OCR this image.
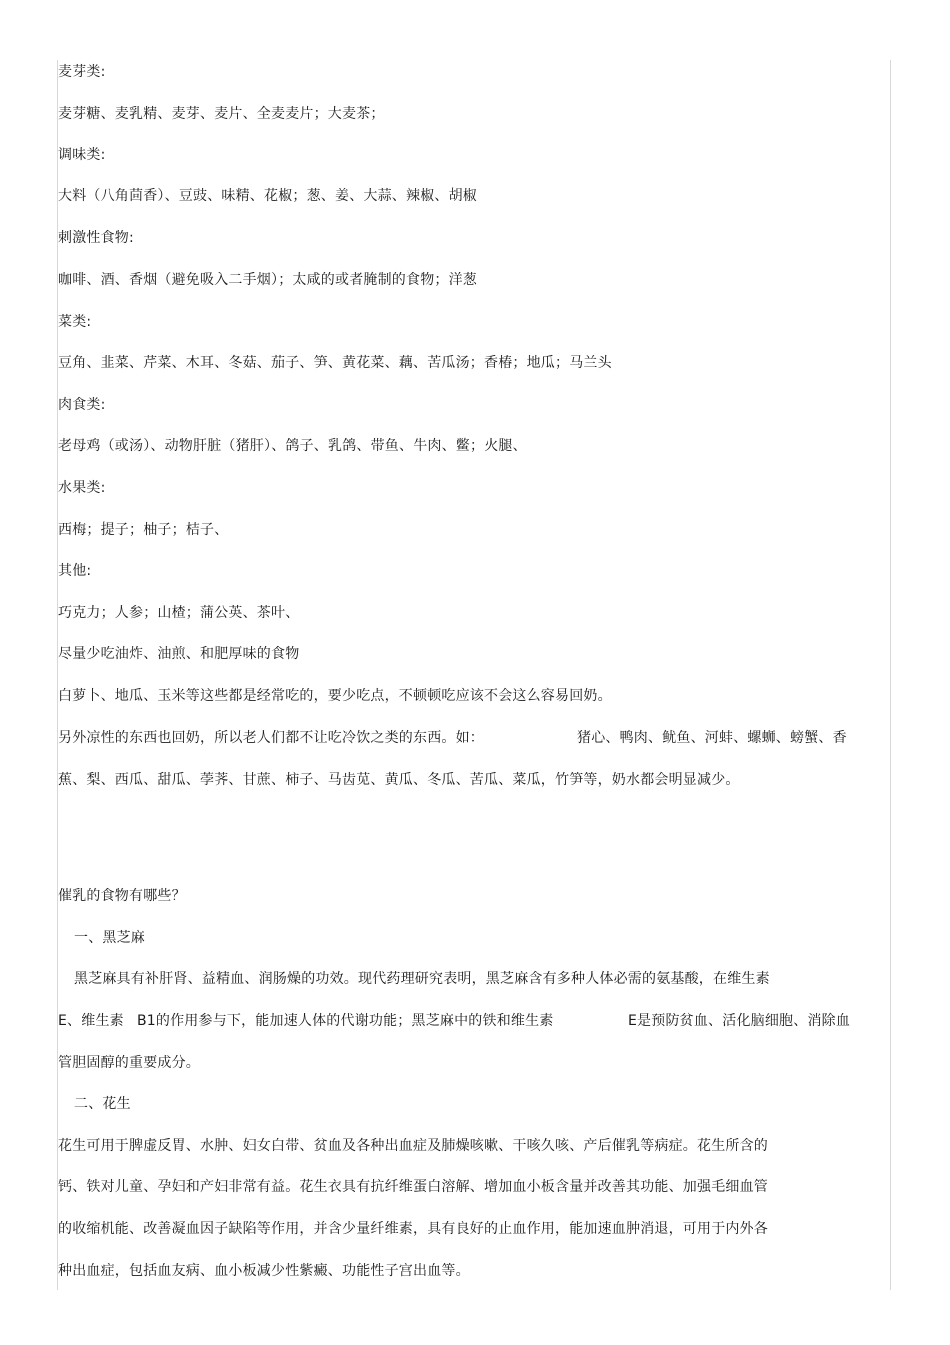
麦芽类:
麦芽糖、麦乳精、麦芽、麦片、全麦麦片；大麦茶；
调味类:
大料（八角茴香）、豆豉、味精、花椒；葱、姜、大蒜、辣椒、胡椒
刺激性食物:
咖啡、酒、香烟（避免吸入二手烟）；太咸的或者腌制的食物；洋葱
菜类:
豆角、韭菜、芹菜、木耳、冬菇、茄子、笋、黄花菜、藕、苦瓜汤；香椿；地瓜；马兰头
肉食类:
老母鸡（或汤）、动物肝脏（猪肝）、鸽子、乳鸽、带鱼、牛肉、鳖；火腿、
水果类:
西梅；提子；柚子；桔子、
其他:
巧克力；人参；山楂；蒲公英、茶叶、
尽量少吃油炸、油煎、和肥厚味的食物
白萝卜、地瓜、玉米等这些都是经常吃的，要少吃点，不顿顿吃应该不会这么容易回奶。
另外凉性的东西也回奶，所以老人们都不让吃冷饮之类的东西。如：	猪心、鸭肉、鱿鱼、河蚌、螺蛳、螃蟹、香
蕉、梨、西瓜、甜瓜、荸荠、甘蔗、柿子、马齿苋、黄瓜、冬瓜、苦瓜、菜瓜，竹笋等，奶水都会明显减少。
催乳的食物有哪些？
一、黑芝麻
黑芝麻具有补肝肾、益精血、润肠燥的功效。现代药理研究表明，黑芝麻含有多种人体必需的氨基酸，在维生素
E、维生素 B1的作用参与下，能加速人体的代谢功能；黑芝麻中的铁和维生素	E是预防贫血、活化脑细胞、消除血
管胆固醇的重要成分。
二、花生
花生可用于脾虚反胃、水肿、妇女白带、贫血及各种出血症及肺燥咳嗽、干咳久咳、产后催乳等病症。花生所含的
钙、铁对儿童、孕妇和产妇非常有益。花生衣具有抗纤维蛋白溶解、增加血小板含量并改善其功能、加强毛细血管
的收缩机能、改善凝血因子缺陷等作用，并含少量纤维素，具有良好的止血作用，能加速血肿消退，可用于内外各
种出血症，包括血友病、血小板减少性紫癜、功能性子宫出血等。
